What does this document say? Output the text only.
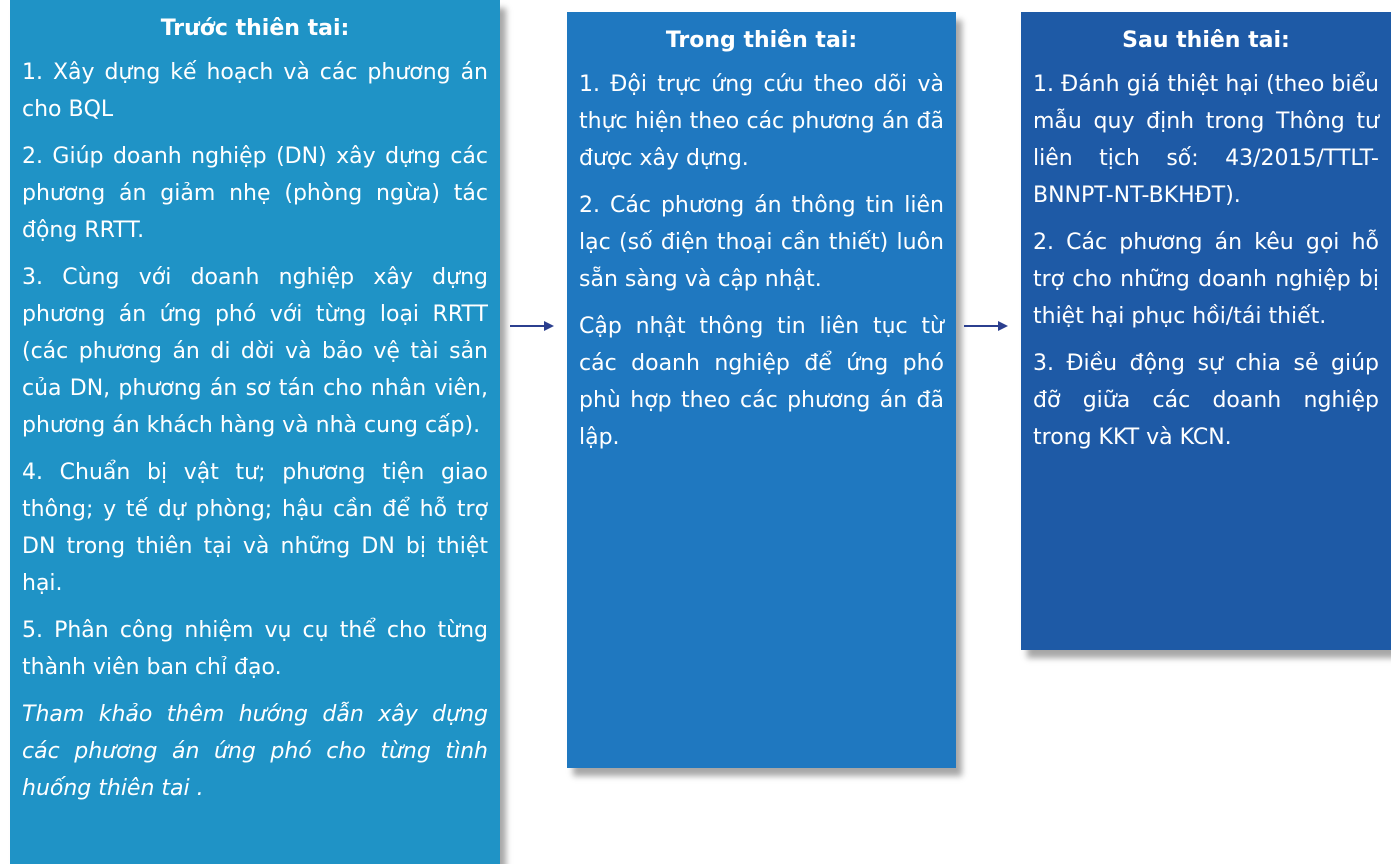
Trước thiên tai:

1. Xây dựng kế hoạch và các phương án cho BQL

2. Giúp doanh nghiệp (DN) xây dựng các phương án giảm nhẹ (phòng ngừa) tác động RRTT.

3. Cùng với doanh nghiệp xây dựng phương án ứng phó với từng loại RRTT (các phương án di dời và bảo vệ tài sản của DN, phương án sơ tán cho nhân viên, phương án khách hàng và nhà cung cấp).

4. Chuẩn bị vật tư; phương tiện giao thông; y tế dự phòng; hậu cần để hỗ trợ DN trong thiên tại và những DN bị thiệt hại.

5. Phân công nhiệm vụ cụ thể cho từng thành viên ban chỉ đạo.

Tham khảo thêm hướng dẫn xây dựng các phương án ứng phó cho từng tình huống thiên tai .

Trong thiên tai:

1. Đội trực ứng cứu theo dõi và thực hiện theo các phương án đã được xây dựng.

2. Các phương án thông tin liên lạc (số điện thoại cần thiết) luôn sẵn sàng và cập nhật.

Cập nhật thông tin liên tục từ các doanh nghiệp để ứng phó phù hợp theo các phương án đã lập.

Sau thiên tai:

1. Đánh giá thiệt hại (theo biểu mẫu quy định trong Thông tư liên tịch số: 43/2015/TTLT-BNNPT-NT-BKHĐT).

2. Các phương án kêu gọi hỗ trợ cho những doanh nghiệp bị thiệt hại phục hồi/tái thiết.

3. Điều động sự chia sẻ giúp đỡ giữa các doanh nghiệp trong KKT và KCN.
